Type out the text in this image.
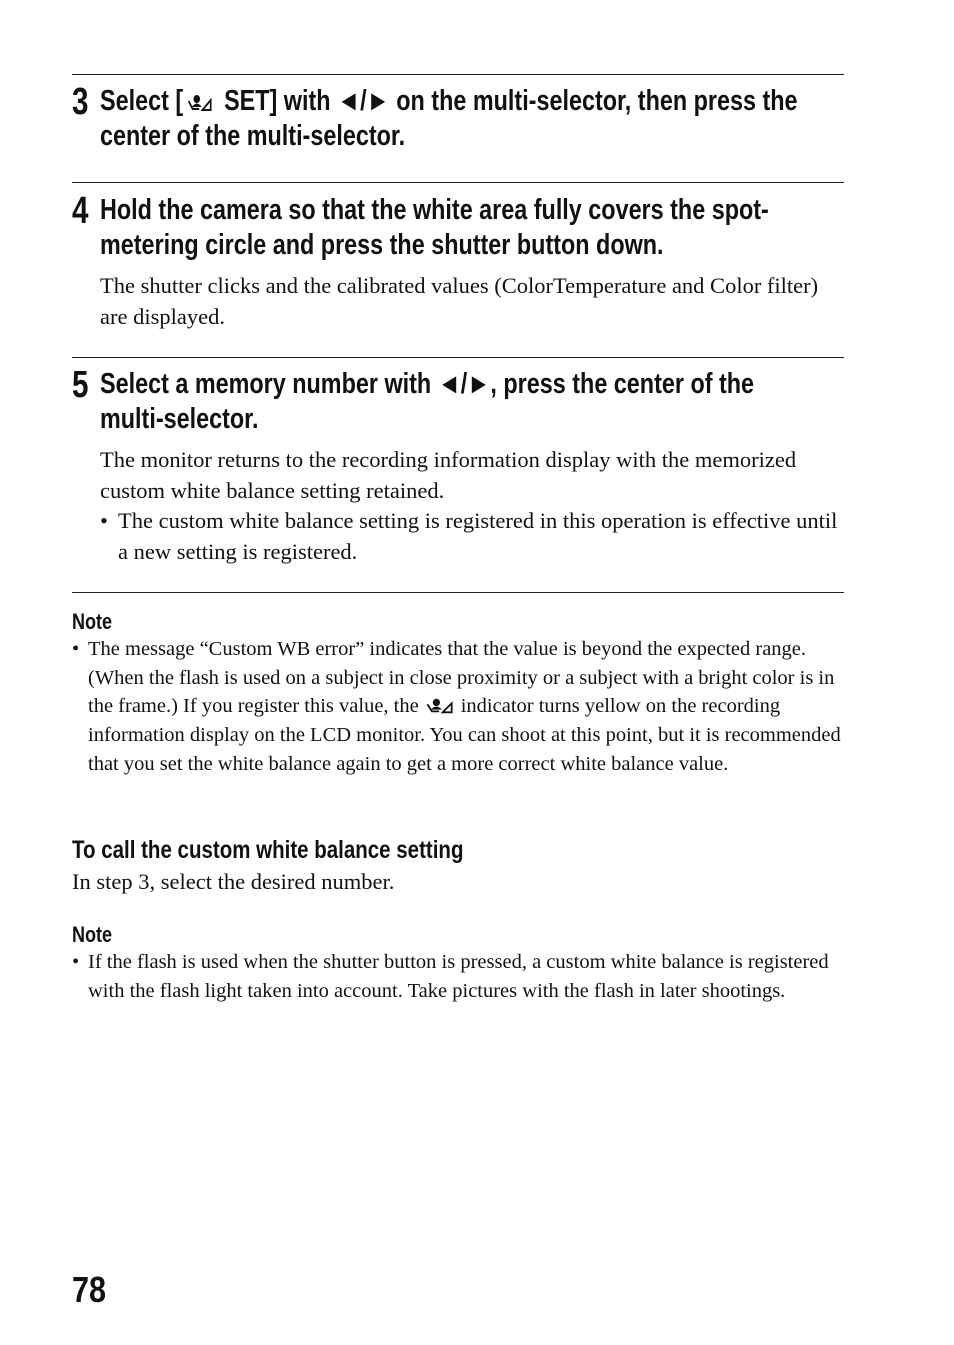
3 Select [ SET] with ◄/► on the multi-selector, then press the
center of the multi-selector.
4 Hold the camera so that the white area fully covers the spot-
metering circle and press the shutter button down.
The shutter clicks and the calibrated values (ColorTemperature and Color filter) are displayed.
5 Select a memory number with ◄/►, press the center of the
multi-selector.
The monitor returns to the recording information display with the memorized custom white balance setting retained.
• The custom white balance setting is registered in this operation is effective until a new setting is registered.
Note
• The message “Custom WB error” indicates that the value is beyond the expected range. (When the flash is used on a subject in close proximity or a subject with a bright color is in the frame.) If you register this value, the indicator turns yellow on the recording information display on the LCD monitor. You can shoot at this point, but it is recommended that you set the white balance again to get a more correct white balance value.
To call the custom white balance setting
In step 3, select the desired number.
Note
• If the flash is used when the shutter button is pressed, a custom white balance is registered with the flash light taken into account. Take pictures with the flash in later shootings.
78
